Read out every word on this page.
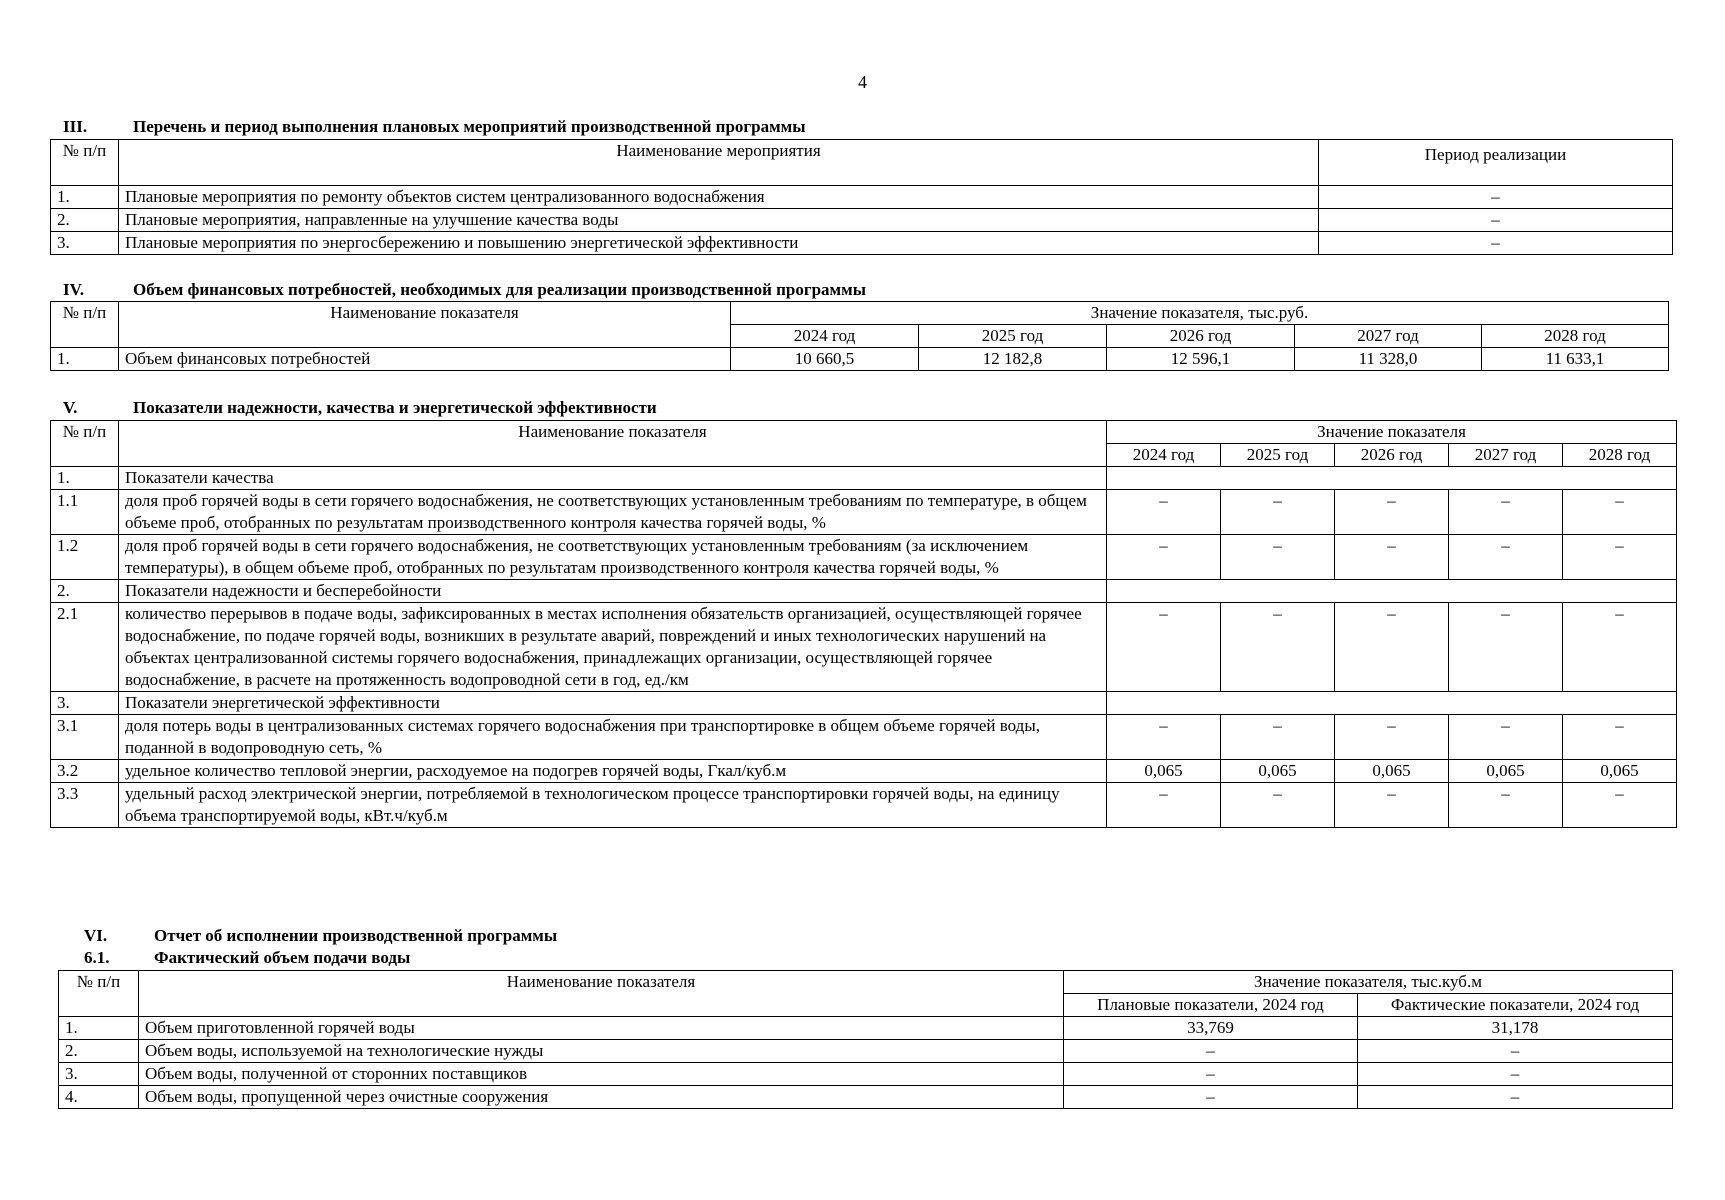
4
III.	Перечень и период выполнения плановых мероприятий производственной программы
№ п/п	Наименование мероприятия	Период реализации
1.	Плановые мероприятия по ремонту объектов систем централизованного водоснабжения	–
2.	Плановые мероприятия, направленные на улучшение качества воды	–
3.	Плановые мероприятия по энергосбережению и повышению энергетической эффективности	–
IV.	Объем финансовых потребностей, необходимых для реализации производственной программы
№ п/п	Наименование показателя	Значение показателя, тыс.руб.				
		2024 год	2025 год	2026 год	2027 год	2028 год
1.	Объем финансовых потребностей	10 660,5	12 182,8	12 596,1	11 328,0	11 633,1
V.	Показатели надежности, качества и энергетической эффективности
№ п/п	Наименование показателя	Значение показателя				
		2024 год	2025 год	2026 год	2027 год	2028 год
1.	Показатели качества					
1.1	доля проб горячей воды в сети горячего водоснабжения, не соответствующих установленным требованиям по температуре, в общем объеме проб, отобранных по результатам производственного контроля качества горячей воды, %	–	–	–	–	–
1.2	доля проб горячей воды в сети горячего водоснабжения, не соответствующих установленным требованиям (за исключением температуры), в общем объеме проб, отобранных по результатам производственного контроля качества горячей воды, %	–	–	–	–	–
2.	Показатели надежности и бесперебойности					
2.1	количество перерывов в подаче воды, зафиксированных в местах исполнения обязательств организацией, осуществляющей горячее водоснабжение, по подаче горячей воды, возникших в результате аварий, повреждений и иных технологических нарушений на объектах централизованной системы горячего водоснабжения, принадлежащих организации, осуществляющей горячее водоснабжение, в расчете на протяженность водопроводной сети в год, ед./км	–	–	–	–	–
3.	Показатели энергетической эффективности					
3.1	доля потерь воды в централизованных системах горячего водоснабжения при транспортировке в общем объеме горячей воды, поданной в водопроводную сеть, %	–	–	–	–	–
3.2	удельное количество тепловой энергии, расходуемое на подогрев горячей воды, Гкал/куб.м	0,065	0,065	0,065	0,065	0,065
3.3	удельный расход электрической энергии, потребляемой в технологическом процессе транспортировки горячей воды, на единицу объема транспортируемой воды, кВт.ч/куб.м	–	–	–	–	–
VI.	Отчет об исполнении производственной программы
6.1.	Фактический объем подачи воды
№ п/п	Наименование показателя	Значение показателя, тыс.куб.м	
		Плановые показатели, 2024 год	Фактические показатели, 2024 год
1.	Объем приготовленной горячей воды	33,769	31,178
2.	Объем воды, используемой на технологические нужды	–	–
3.	Объем воды, полученной от сторонних поставщиков	–	–
4.	Объем воды, пропущенной через очистные сооружения	–	–
